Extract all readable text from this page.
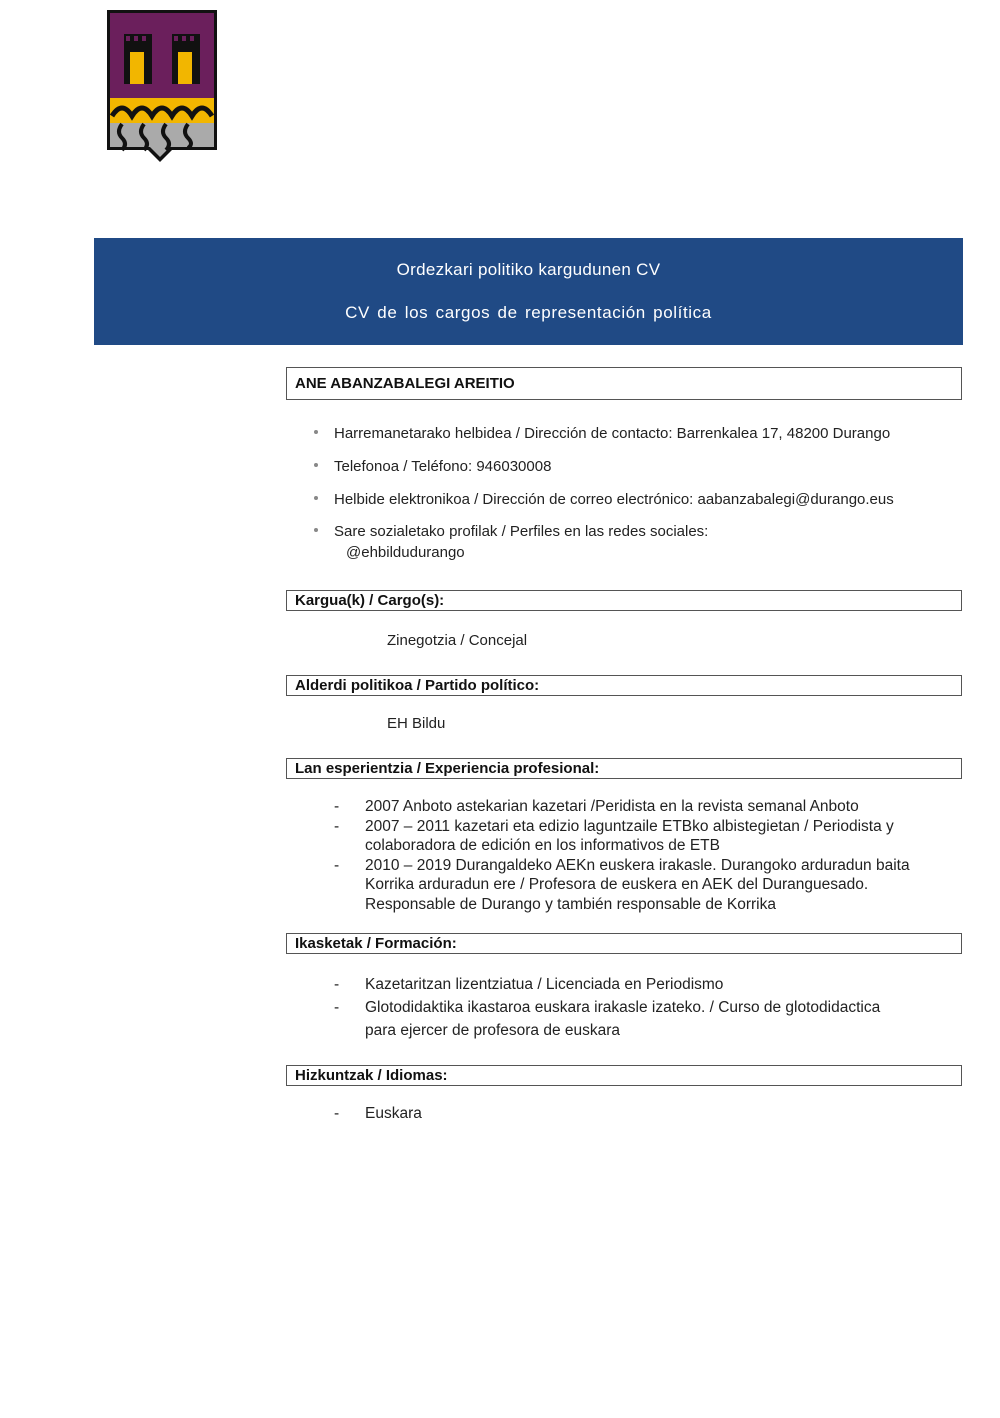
Ordezkari politiko kargudunen CV
CV de los cargos de representación política
ANE ABANZABALEGI AREITIO
Harremanetarako helbidea / Dirección de contacto: Barrenkalea 17, 48200 Durango
Telefonoa / Teléfono: 946030008
Helbide elektronikoa / Dirección de correo electrónico: aabanzabalegi@durango.eus
Sare sozialetako profilak / Perfiles en las redes sociales:
@ehbildudurango
Kargua(k) / Cargo(s):
Zinegotzia / Concejal
Alderdi politikoa / Partido político:
EH Bildu
Lan esperientzia / Experiencia profesional:
-	2007 Anboto astekarian kazetari /Peridista en la revista semanal Anboto
-	2007 – 2011 kazetari eta edizio laguntzaile ETBko albistegietan / Periodista y
colaboradora de edición en los informativos de ETB
-	2010 – 2019 Durangaldeko AEKn euskera irakasle. Durangoko arduradun baita
Korrika arduradun ere / Profesora de euskera en AEK del Duranguesado.
Responsable de Durango y también responsable de Korrika
Ikasketak / Formación:
-	Kazetaritzan lizentziatua / Licenciada en Periodismo
-	Glotodidaktika ikastaroa euskara irakasle izateko. / Curso de glotodidactica
para ejercer de profesora de euskara
Hizkuntzak / Idiomas:
-	Euskara
